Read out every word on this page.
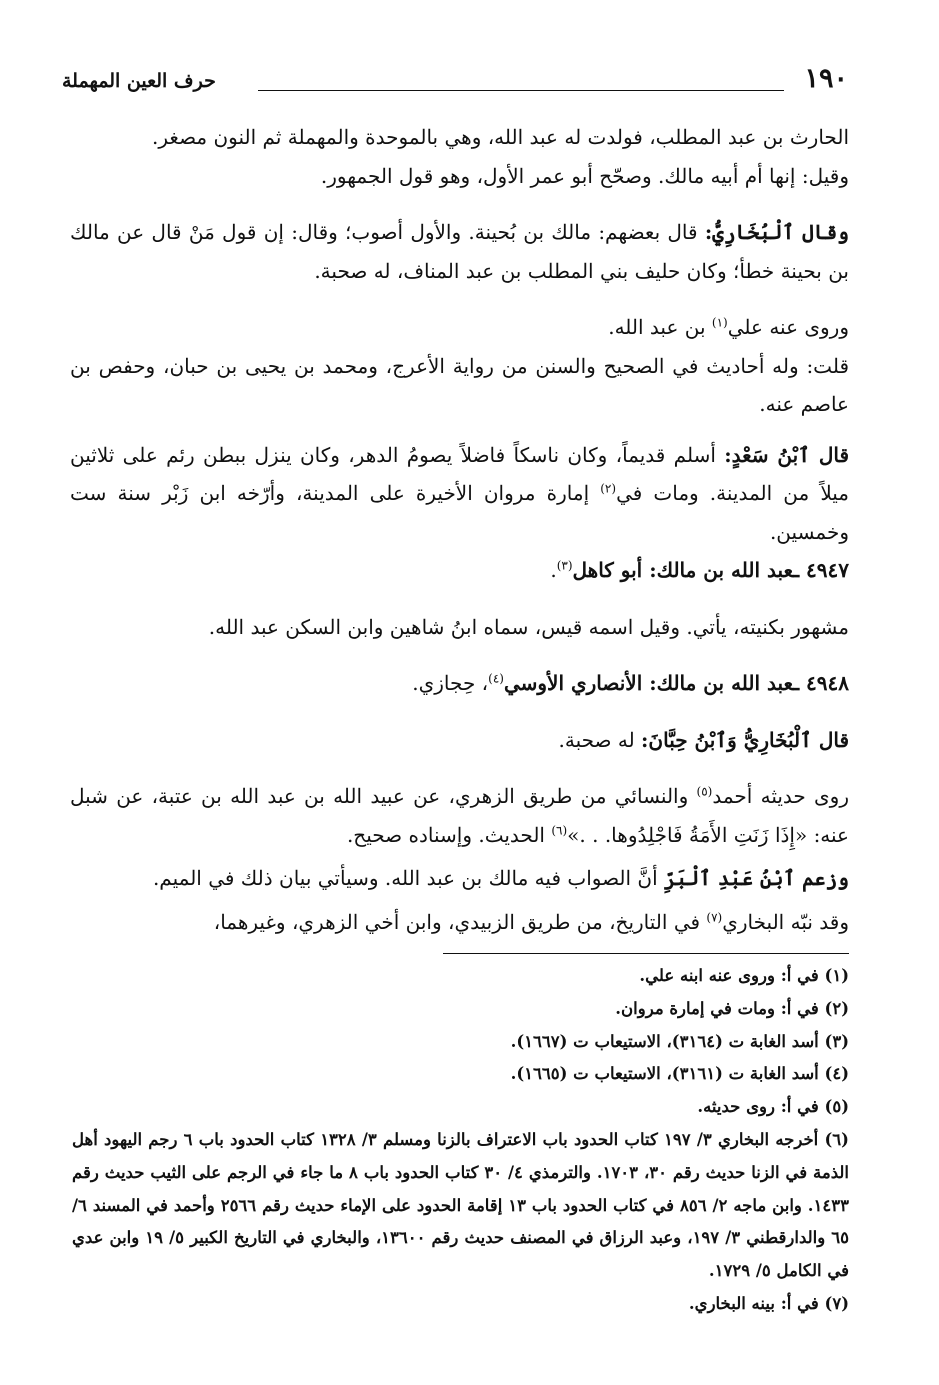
١٩٠
حرف العين المهملة

الحارث بن عبد المطلب، فولدت له عبد الله، وهي بالموحدة والمهملة ثم النون مصغر.

وقيل: إنها أم أبيه مالك. وصحّح أبو عمر الأول، وهو قول الجمهور.

وقال ٱلْبُخَارِيُّ: قال بعضهم: مالك بن بُحينة. والأول أصوب؛ وقال: إن قول مَنْ قال عن مالك بن بحينة خطأ؛ وكان حليف بني المطلب بن عبد المناف، له صحبة.

وروى عنه علي$^{(١)}$ بن عبد الله.

قلت: وله أحاديث في الصحيح والسنن من رواية الأعرج، ومحمد بن يحيى بن حبان، وحفص بن عاصم عنه.

قال ٱبْنُ سَعْدٍ: أسلم قديماً، وكان ناسكاً فاضلاً يصومُ الدهر، وكان ينزل ببطن رئم على ثلاثين ميلاً من المدينة. ومات في$^{(٢)}$ إمارة مروان الأخيرة على المدينة، وأرّخه ابن زَبْر سنة ست وخمسين.

٤٩٤٧ ـعبد الله بن مالك: أبو كاهل$^{(٣)}$.

مشهور بكنيته، يأتي. وقيل اسمه قيس، سماه ابنُ شاهين وابن السكن عبد الله.

٤٩٤٨ ـعبد الله بن مالك: الأنصاري الأوسي$^{(٤)}$، حِجازي.

قال ٱلْبُخَارِيُّ وَٱبْنُ حِبَّانَ: له صحبة.

روى حديثه أحمد$^{(٥)}$ والنسائي من طريق الزهري، عن عبيد الله بن عبد الله بن عتبة، عن شبل عنه: «إِذَا زَنَتِ الأَمَةُ فَاجْلِدُوها. . .»$^{(٦)}$ الحديث. وإسناده صحيح.

وزعم ٱبْنُ عَبْدِ ٱلْبَرِّ أنَّ الصواب فيه مالك بن عبد الله. وسيأتي بيان ذلك في الميم.

وقد نبّه البخاري$^{(٧)}$ في التاريخ، من طريق الزبيدي، وابن أخي الزهري، وغيرهما،

(١) في أ: وروى عنه ابنه علي.

(٢) في أ: ومات في إمارة مروان.

(٣) أسد الغابة ت (٣١٦٤)، الاستيعاب ت (١٦٦٧).

(٤) أسد الغابة ت (٣١٦١)، الاستيعاب ت (١٦٦٥).

(٥) في أ: روى حديثه.

(٦) أخرجه البخاري ٣/ ١٩٧ كتاب الحدود باب الاعتراف بالزنا ومسلم ٣/ ١٣٢٨ كتاب الحدود باب ٦ رجم اليهود أهل الذمة في الزنا حديث رقم ٣٠، ١٧٠٣. والترمذي ٤/ ٣٠ كتاب الحدود باب ٨ ما جاء في الرجم على الثيب حديث رقم ١٤٣٣. وابن ماجه ٢/ ٨٥٦ في كتاب الحدود باب ١٣ إقامة الحدود على الإماء حديث رقم ٢٥٦٦ وأحمد في المسند ٦/ ٦٥ والدارقطني ٣/ ١٩٧، وعبد الرزاق في المصنف حديث رقم ١٣٦٠٠، والبخاري في التاريخ الكبير ٥/ ١٩ وابن عدي في الكامل ٥/ ١٧٢٩.

(٧) في أ: بينه البخاري.
